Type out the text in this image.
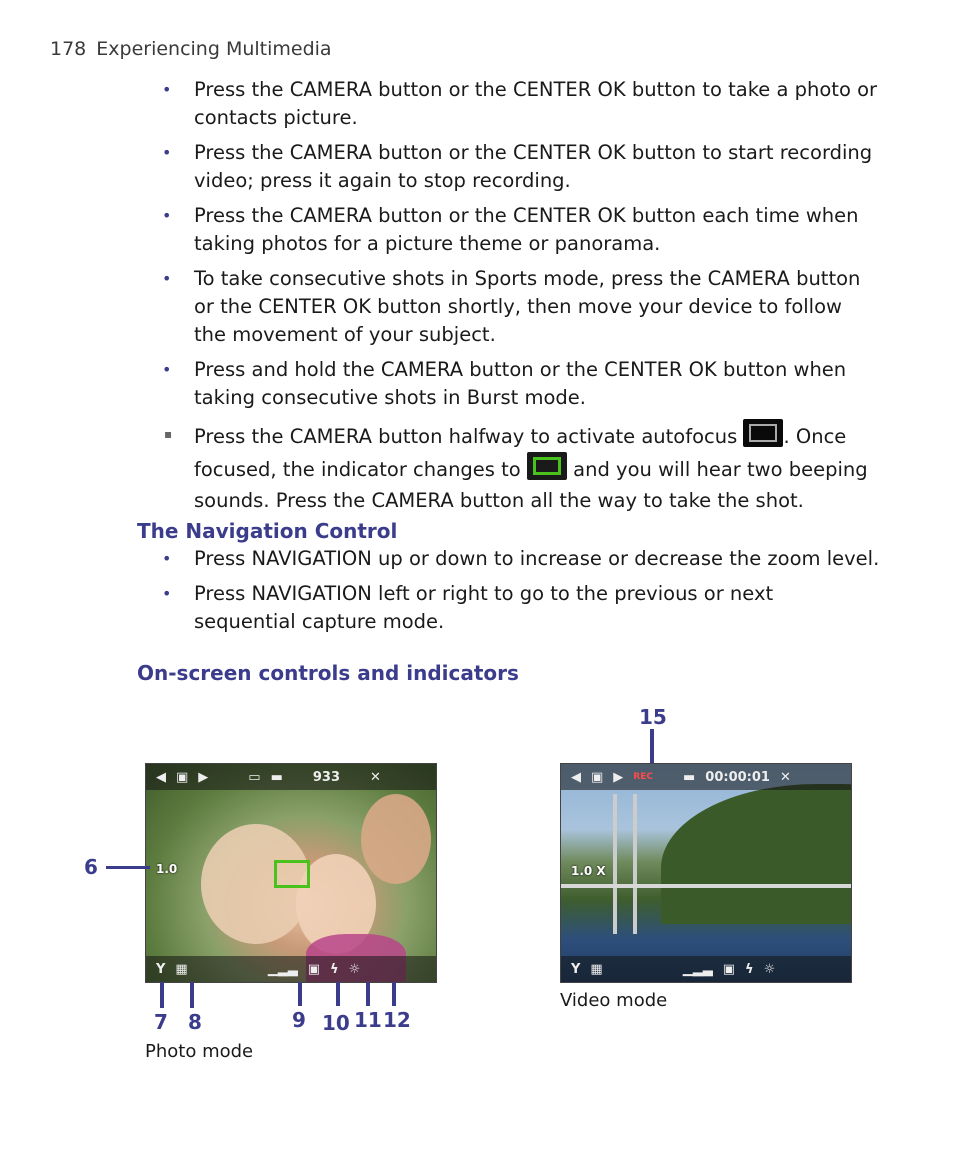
178 Experiencing Multimedia
• Press the CAMERA button or the CENTER OK button to take a photo or contacts picture.
• Press the CAMERA button or the CENTER OK button to start recording video; press it again to stop recording.
• Press the CAMERA button or the CENTER OK button each time when taking photos for a picture theme or panorama.
• To take consecutive shots in Sports mode, press the CAMERA button or the CENTER OK button shortly, then move your device to follow the movement of your subject.
• Press and hold the CAMERA button or the CENTER OK button when taking consecutive shots in Burst mode.
▪ Press the CAMERA button halfway to activate autofocus . Once focused, the indicator changes to  and you will hear two beeping sounds. Press the CAMERA button all the way to take the shot.
The Navigation Control
• Press NAVIGATION up or down to increase or decrease the zoom level.
• Press NAVIGATION left or right to go to the previous or next sequential capture mode.
On-screen controls and indicators
◀ ▣ ▶	▭ ▬ 933 ✕
1.0
Y ▦	▁▂▃ ▣ ϟ ☼
6
7 8	9 10 11 12
Photo mode
15
◀ ▣ ▶ REC ▬ 00:00:01 ✕
1.0 X
Y ▦	▁▂▃ ▣ ϟ ☼
Video mode
